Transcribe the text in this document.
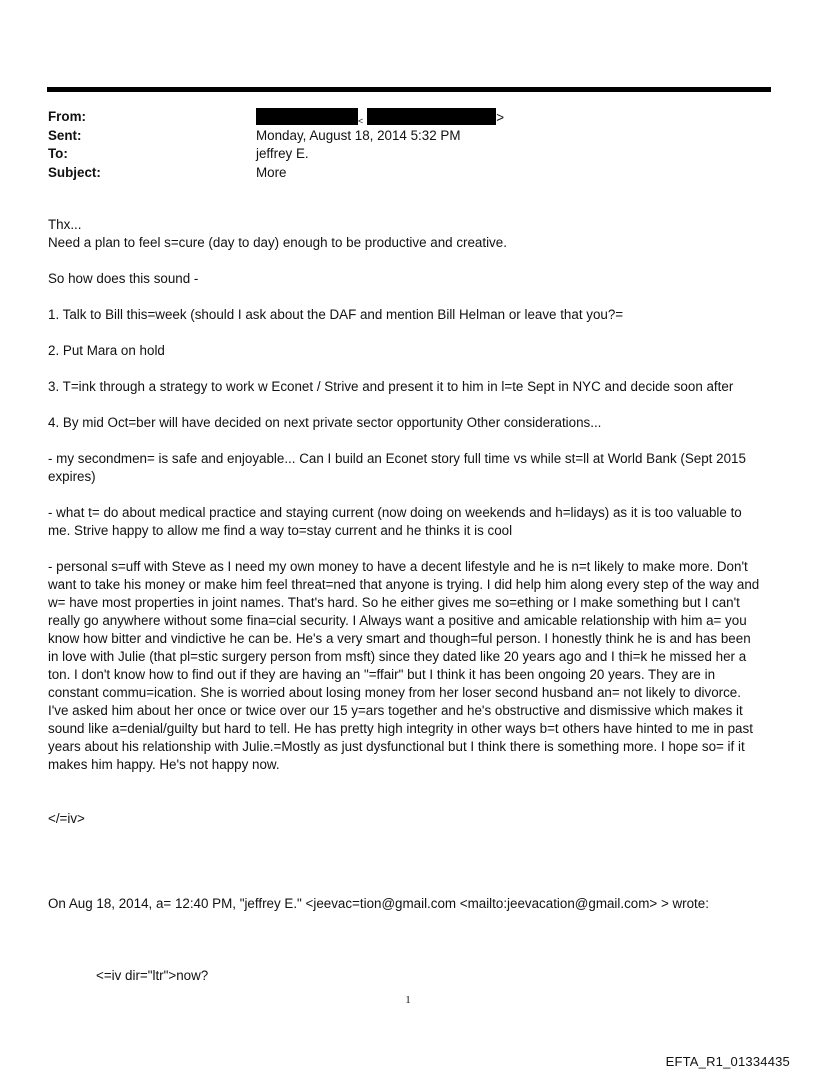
From:	<	>
Sent:	Monday, August 18, 2014 5:32 PM
To:	jeffrey E.
Subject:	More

Thx...

Need a plan to feel s=cure (day to day) enough to be productive and creative.

So how does this sound -

1. Talk to Bill this=week (should I ask about the DAF and mention Bill Helman or leave that you?=

2. Put Mara on hold

3. T=ink through a strategy to work w Econet / Strive and present it to him in l=te Sept in NYC and decide soon after

4. By mid Oct=ber will have decided on next private sector opportunity Other considerations...

- my secondmen= is safe and enjoyable... Can I build an Econet story full time vs while st=ll at World Bank (Sept 2015 expires)

- what t= do about medical practice and staying current (now doing on weekends and h=lidays) as it is too valuable to me. Strive happy to allow me find a way to=stay current and he thinks it is cool

- personal s=uff with Steve as I need my own money to have a decent lifestyle and he is n=t likely to make more. Don't want to take his money or make him feel threat=ned that anyone is trying. I did help him along every step of the way and w= have most properties in joint names. That's hard. So he either gives me so=ething or I make something but I can't really go anywhere without some fina=cial security. I Always want a positive and amicable relationship with him a= you know how bitter and vindictive he can be. He's a very smart and though=ful person. I honestly think he is and has been in love with Julie (that pl=stic surgery person from msft) since they dated like 20 years ago and I thi=k he missed her a ton. I don't know how to find out if they are having an "=ffair" but I think it has been ongoing 20 years. They are in constant commu=ication. She is worried about losing money from her loser second husband an= not likely to divorce. I've asked him about her once or twice over our 15 y=ars together and he's obstructive and dismissive which makes it sound like a=denial/guilty but hard to tell. He has pretty high integrity in other ways b=t others have hinted to me in past years about his relationship with Julie.=Mostly as just dysfunctional but I think there is something more. I hope so= if it makes him happy. He's not happy now.

</=iv>

On Aug 18, 2014, a= 12:40 PM, "jeffrey E." <jeevac=tion@gmail.com <mailto:jeevacation@gmail.com> > wrote:
<=iv dir="ltr">now?
1
EFTA_R1_01334435
